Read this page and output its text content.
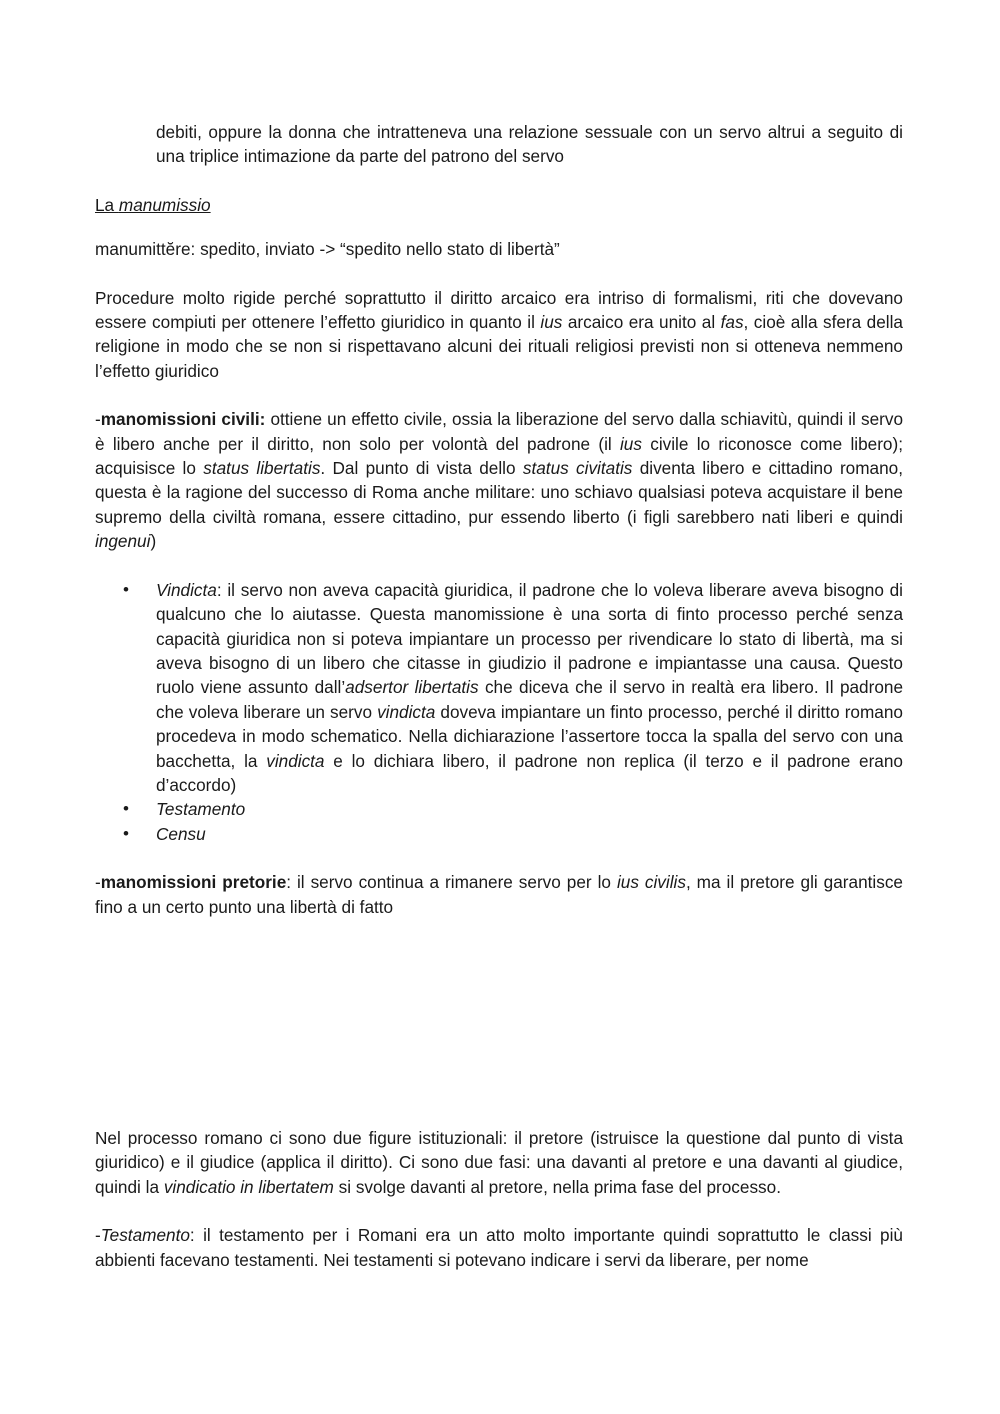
debiti, oppure la donna che intratteneva una relazione sessuale con un servo altrui a seguito di una triplice intimazione da parte del patrono del servo

La manumissio

manumittĕre: spedito, inviato -> “spedito nello stato di libertà”

Procedure molto rigide perché soprattutto il diritto arcaico era intriso di formalismi, riti che dovevano essere compiuti per ottenere l’effetto giuridico in quanto il ius arcaico era unito al fas, cioè alla sfera della religione in modo che se non si rispettavano alcuni dei rituali religiosi previsti non si otteneva nemmeno l’effetto giuridico

-manomissioni civili: ottiene un effetto civile, ossia la liberazione del servo dalla schiavitù, quindi il servo è libero anche per il diritto, non solo per volontà del padrone (il ius civile lo riconosce come libero); acquisisce lo status libertatis. Dal punto di vista dello status civitatis diventa libero e cittadino romano, questa è la ragione del successo di Roma anche militare: uno schiavo qualsiasi poteva acquistare il bene supremo della civiltà romana, essere cittadino, pur essendo liberto (i figli sarebbero nati liberi e quindi ingenui)

• Vindicta: il servo non aveva capacità giuridica, il padrone che lo voleva liberare aveva bisogno di qualcuno che lo aiutasse. Questa manomissione è una sorta di finto processo perché senza capacità giuridica non si poteva impiantare un processo per rivendicare lo stato di libertà, ma si aveva bisogno di un libero che citasse in giudizio il padrone e impiantasse una causa. Questo ruolo viene assunto dall’adsertor libertatis che diceva che il servo in realtà era libero. Il padrone che voleva liberare un servo vindicta doveva impiantare un finto processo, perché il diritto romano procedeva in modo schematico. Nella dichiarazione l’assertore tocca la spalla del servo con una bacchetta, la vindicta e lo dichiara libero, il padrone non replica (il terzo e il padrone erano d’accordo)
• Testamento
• Censu

-manomissioni pretorie: il servo continua a rimanere servo per lo ius civilis, ma il pretore gli garantisce fino a un certo punto una libertà di fatto

Nel processo romano ci sono due figure istituzionali: il pretore (istruisce la questione dal punto di vista giuridico) e il giudice (applica il diritto). Ci sono due fasi: una davanti al pretore e una davanti al giudice, quindi la vindicatio in libertatem si svolge davanti al pretore, nella prima fase del processo.

-Testamento: il testamento per i Romani era un atto molto importante quindi soprattutto le classi più abbienti facevano testamenti. Nei testamenti si potevano indicare i servi da liberare, per nome
